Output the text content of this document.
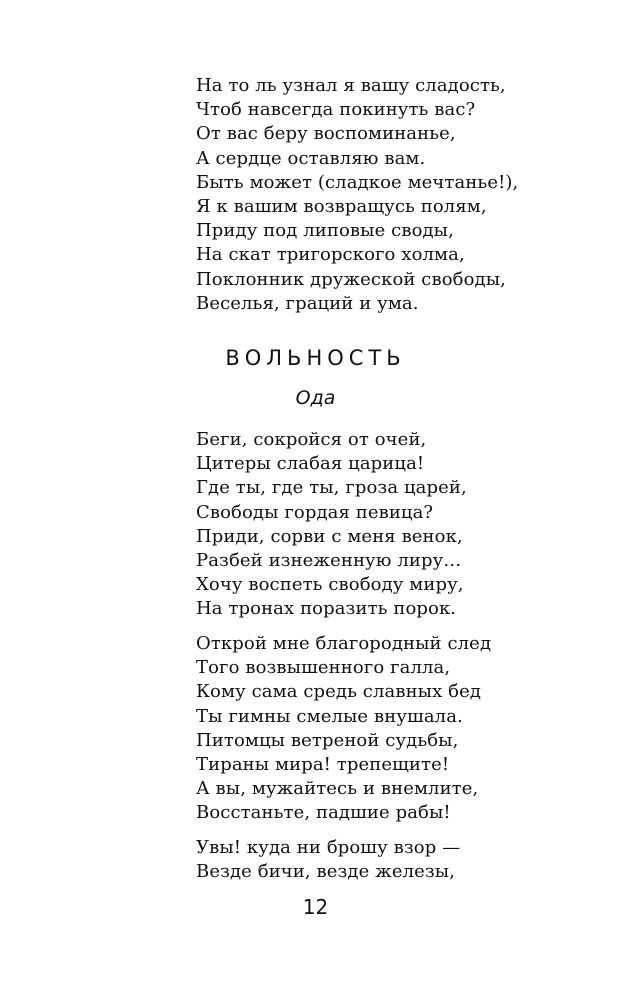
На то ль узнал я вашу сладость,
Чтоб навсегда покинуть вас?
От вас беру воспоминанье,
А сердце оставляю вам.
Быть может (сладкое мечтанье!),
Я к вашим возвращусь полям,
Приду под липовые своды,
На скат тригорского холма,
Поклонник дружеской свободы,
Веселья, граций и ума.
ВОЛЬНОСТЬ
Ода
Беги, сокройся от очей,
Цитеры слабая царица!
Где ты, где ты, гроза царей,
Свободы гордая певица?
Приди, сорви с меня венок,
Разбей изнеженную лиру…
Хочу воспеть свободу миру,
На тронах поразить порок.
Открой мне благородный след
Того возвышенного галла,
Кому сама средь славных бед
Ты гимны смелые внушала.
Питомцы ветреной судьбы,
Тираны мира! трепещите!
А вы, мужайтесь и внемлите,
Восстаньте, падшие рабы!
Увы! куда ни брошу взор —
Везде бичи, везде железы,
12
